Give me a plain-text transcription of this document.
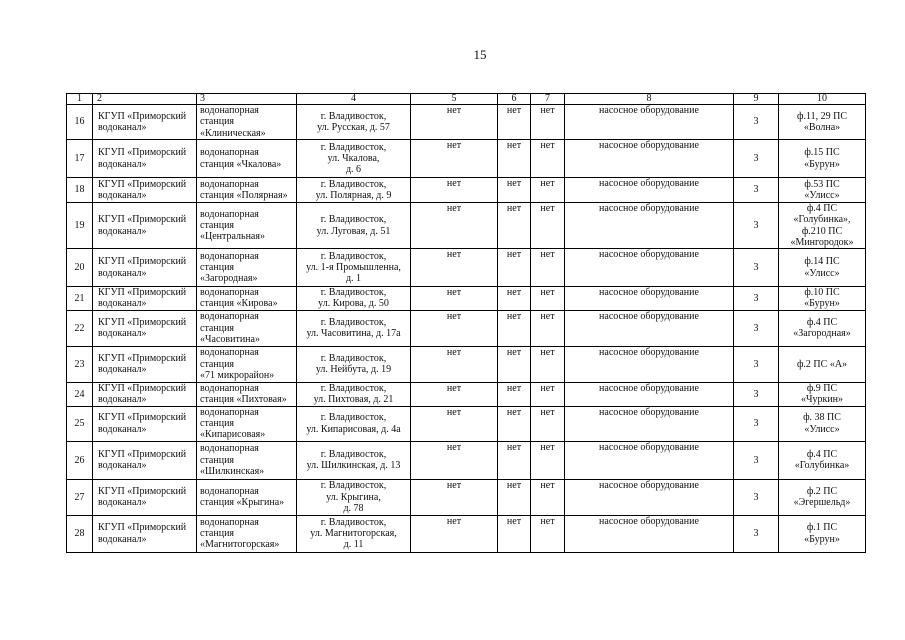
15
1	2	3	4	5	6	7	8	9	10
16	КГУП «Приморский
водоканал»	водонапорная
станция
«Клиническая»	г. Владивосток,
ул. Русская, д. 57	нет	нет	нет	насосное оборудование	3	ф.11, 29 ПС
«Волна»
17	КГУП «Приморский
водоканал»	водонапорная
станция «Чкалова»	г. Владивосток,
ул. Чкалова,
д. 6	нет	нет	нет	насосное оборудование	3	ф.15 ПС
«Бурун»
18	КГУП «Приморский
водоканал»	водонапорная
станция «Полярная»	г. Владивосток,
ул. Полярная, д. 9	нет	нет	нет	насосное оборудование	3	ф.53 ПС
«Улисс»
19	КГУП «Приморский
водоканал»	водонапорная
станция
«Центральная»	г. Владивосток,
ул. Луговая, д. 51	нет	нет	нет	насосное оборудование	3	ф.4 ПС
«Голубинка»,
ф.210 ПС
«Мингородок»
20	КГУП «Приморский
водоканал»	водонапорная
станция
«Загородная»	г. Владивосток,
ул. 1-я Промышленна,
д. 1	нет	нет	нет	насосное оборудование	3	ф.14 ПС
«Улисс»
21	КГУП «Приморский
водоканал»	водонапорная
станция «Кирова»	г. Владивосток,
ул. Кирова, д. 50	нет	нет	нет	насосное оборудование	3	ф.10 ПС
«Бурун»
22	КГУП «Приморский
водоканал»	водонапорная
станция
«Часовитина»	г. Владивосток,
ул. Часовитина, д. 17а	нет	нет	нет	насосное оборудование	3	ф.4 ПС
«Загородная»
23	КГУП «Приморский
водоканал»	водонапорная
станция
«71 микрорайон»	г. Владивосток,
ул. Нейбута, д. 19	нет	нет	нет	насосное оборудование	3	ф.2 ПС «А»
24	КГУП «Приморский
водоканал»	водонапорная
станция «Пихтовая»	г. Владивосток,
ул. Пихтовая, д. 21	нет	нет	нет	насосное оборудование	3	ф.9 ПС
«Чуркин»
25	КГУП «Приморский
водоканал»	водонапорная
станция
«Кипарисовая»	г. Владивосток,
ул. Кипарисовая, д. 4а	нет	нет	нет	насосное оборудование	3	ф. 38 ПС
«Улисс»
26	КГУП «Приморский
водоканал»	водонапорная
станция
«Шилкинская»	г. Владивосток,
ул. Шилкинская, д. 13	нет	нет	нет	насосное оборудование	3	ф.4 ПС
«Голубинка»
27	КГУП «Приморский
водоканал»	водонапорная
станция «Крыгина»	г. Владивосток,
ул. Крыгина,
д. 78	нет	нет	нет	насосное оборудование	3	ф.2 ПС
«Эгершельд»
28	КГУП «Приморский
водоканал»	водонапорная
станция
«Магнитогорская»	г. Владивосток,
ул. Магнитогорская,
д. 11	нет	нет	нет	насосное оборудование	3	ф.1 ПС
«Бурун»
